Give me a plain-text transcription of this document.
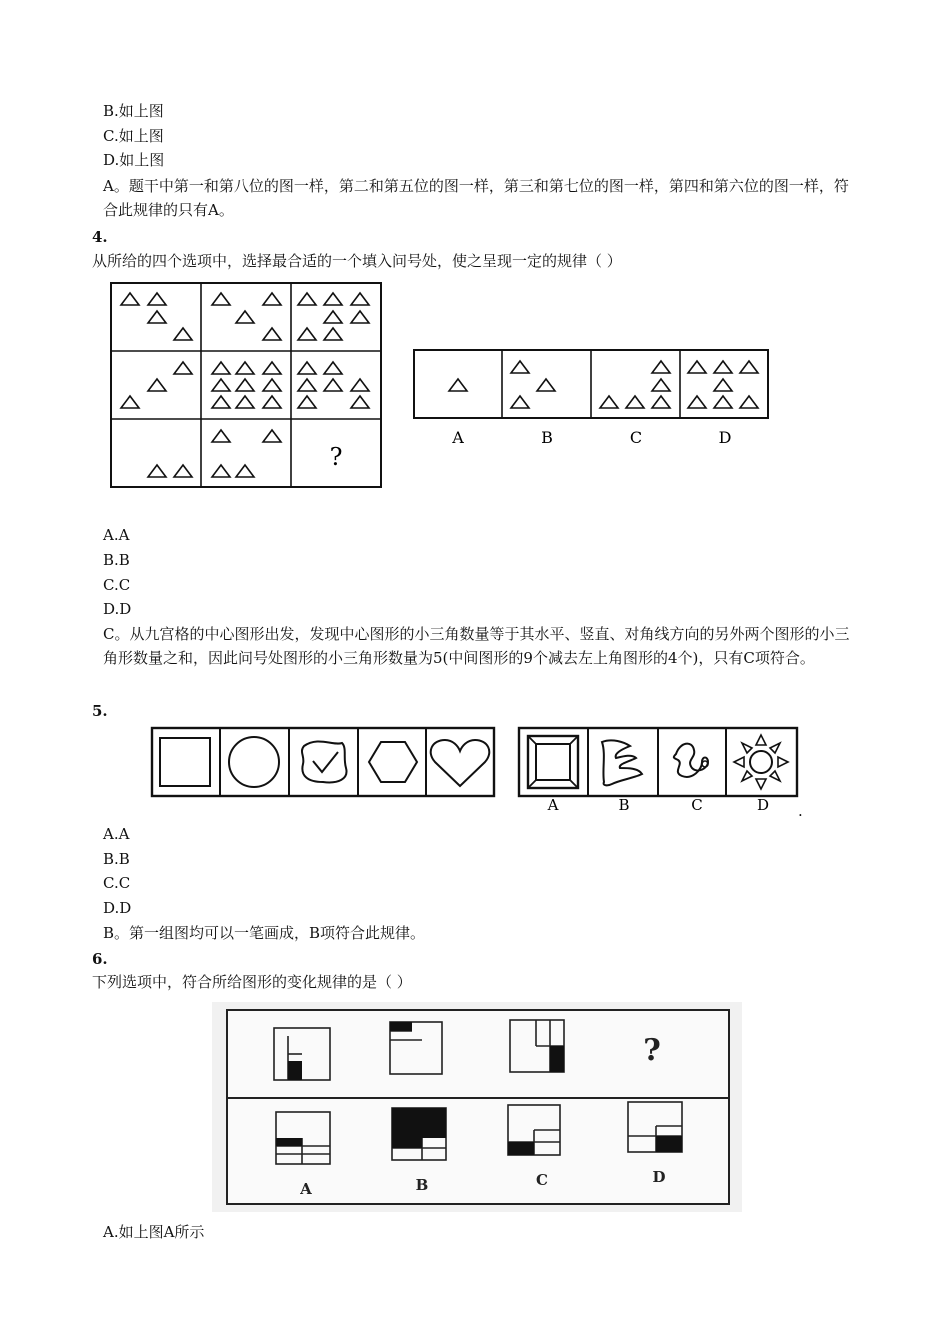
B.如上图
C.如上图
D.如上图
A。题干中第一和第八位的图一样，第二和第五位的图一样，第三和第七位的图一样，第四和第六位的图一样，符合此规律的只有A。
4.
从所给的四个选项中，选择最合适的一个填入问号处，使之呈现一定的规律（ ）
?
A	B	C	D
A.A
B.B
C.C
D.D
C。从九宫格的中心图形出发，发现中心图形的小三角数量等于其水平、竖直、对角线方向的另外两个图形的小三角形数量之和，因此问号处图形的小三角形数量为5(中间图形的9个减去左上角图形的4个)，只有C项符合。
5.
A	B	C	D .
A.A
B.B
C.C
D.D
B。第一组图均可以一笔画成，B项符合此规律。
6.
下列选项中，符合所给图形的变化规律的是（ ）
?
A	B	C	D
A.如上图A所示
